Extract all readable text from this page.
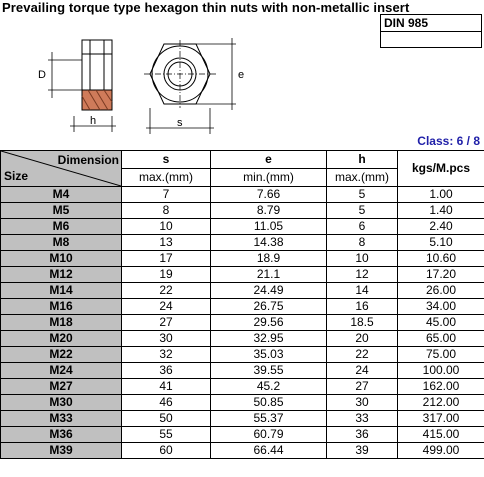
Prevailing torque type hexagon thin nuts with non-metallic insert
DIN 985
D
h	s
e
Class: 6 / 8
Dimension
Size	s	e	h	kgs/M.pcs
	max.(mm)	min.(mm)	max.(mm)	
M4	7	7.66	5	1.00
M5	8	8.79	5	1.40
M6	10	11.05	6	2.40
M8	13	14.38	8	5.10
M10	17	18.9	10	10.60
M12	19	21.1	12	17.20
M14	22	24.49	14	26.00
M16	24	26.75	16	34.00
M18	27	29.56	18.5	45.00
M20	30	32.95	20	65.00
M22	32	35.03	22	75.00
M24	36	39.55	24	100.00
M27	41	45.2	27	162.00
M30	46	50.85	30	212.00
M33	50	55.37	33	317.00
M36	55	60.79	36	415.00
M39	60	66.44	39	499.00
